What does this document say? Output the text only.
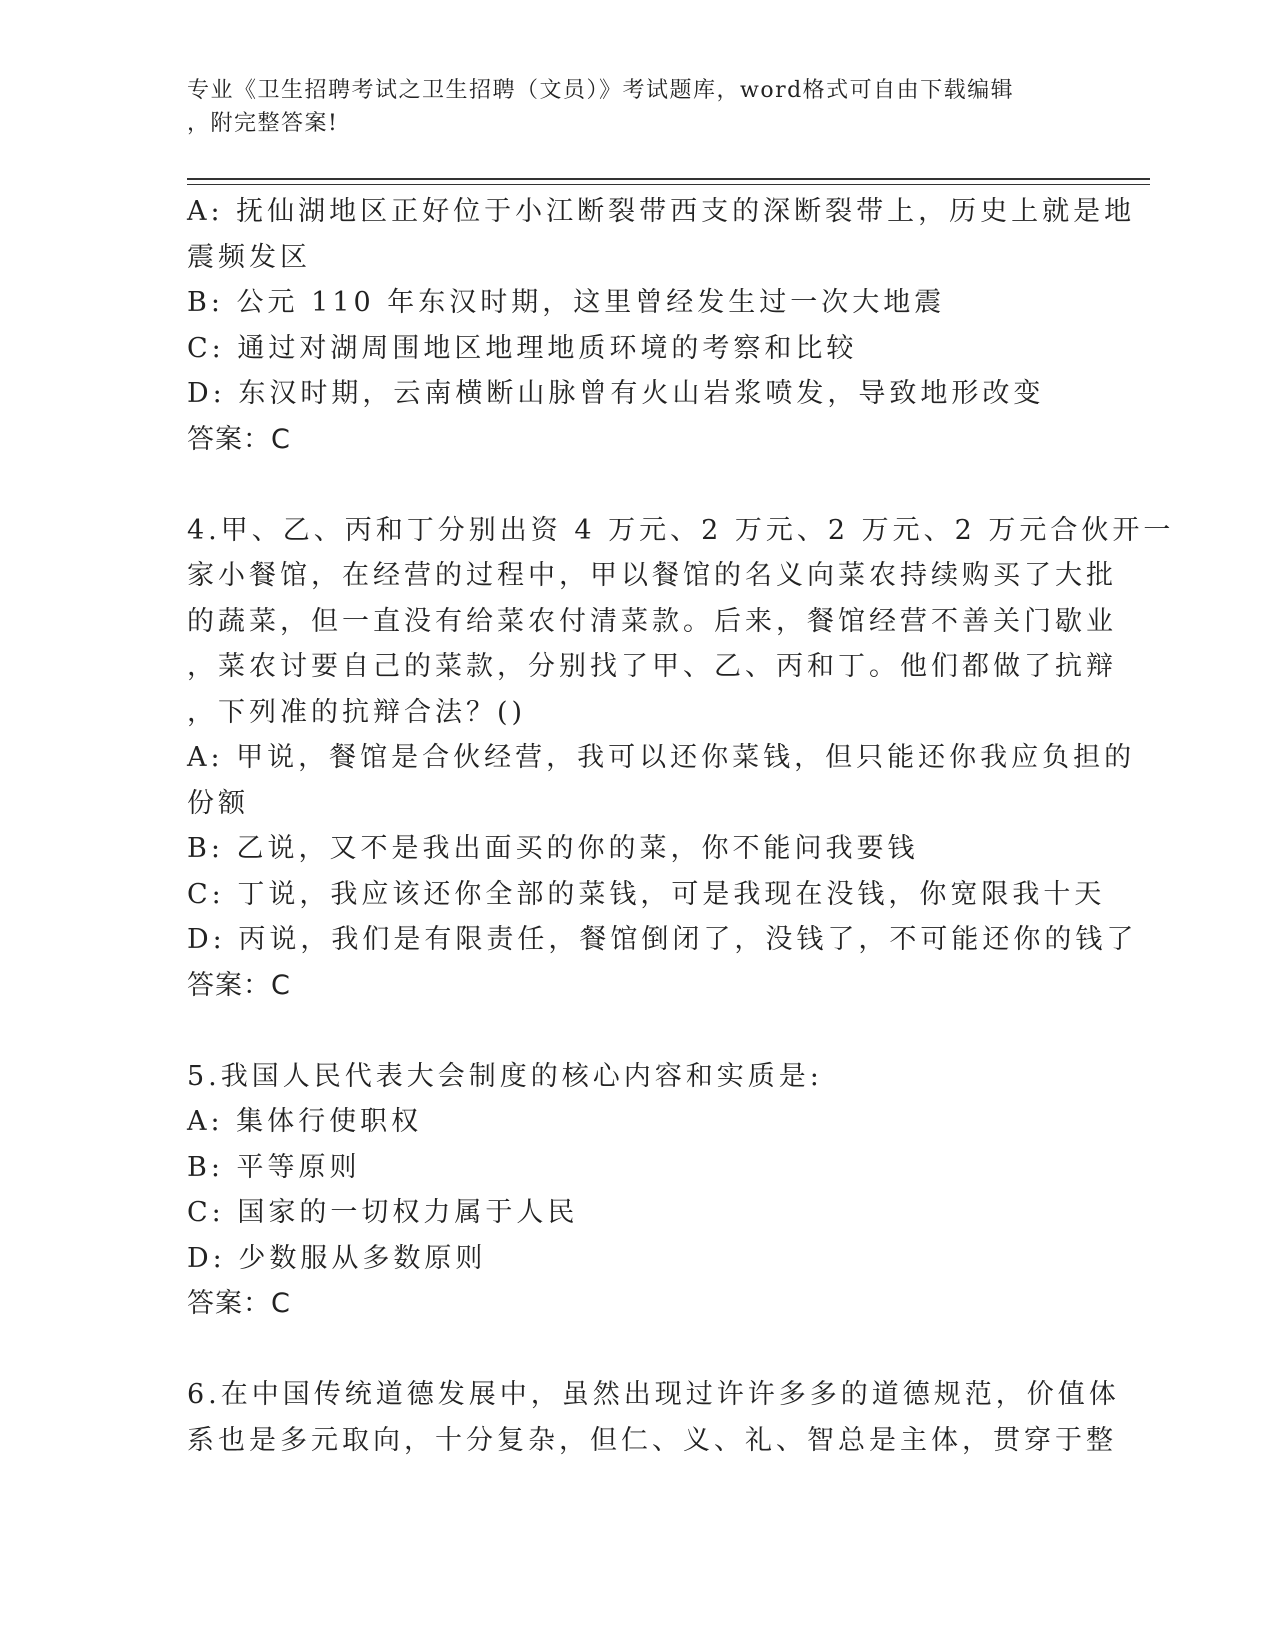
专业《卫生招聘考试之卫生招聘（文员）》考试题库，word格式可自由下载编辑
，附完整答案!
A: 抚仙湖地区正好位于小江断裂带西支的深断裂带上，历史上就是地
震频发区
B: 公元 110 年东汉时期，这里曾经发生过一次大地震
C: 通过对湖周围地区地理地质环境的考察和比较
D: 东汉时期，云南横断山脉曾有火山岩浆喷发，导致地形改变
答案：C
4.甲、乙、丙和丁分别出资 4 万元、2 万元、2 万元、2 万元合伙开一
家小餐馆，在经营的过程中，甲以餐馆的名义向菜农持续购买了大批
的蔬菜，但一直没有给菜农付清菜款。后来，餐馆经营不善关门歇业
，菜农讨要自己的菜款，分别找了甲、乙、丙和丁。他们都做了抗辩
，下列准的抗辩合法？()
A: 甲说，餐馆是合伙经营，我可以还你菜钱，但只能还你我应负担的
份额
B: 乙说，又不是我出面买的你的菜，你不能问我要钱
C: 丁说，我应该还你全部的菜钱，可是我现在没钱，你宽限我十天
D: 丙说，我们是有限责任，餐馆倒闭了，没钱了，不可能还你的钱了
答案：C
5.我国人民代表大会制度的核心内容和实质是:
A: 集体行使职权
B: 平等原则
C: 国家的一切权力属于人民
D: 少数服从多数原则
答案：C
6.在中国传统道德发展中，虽然出现过许许多多的道德规范，价值体
系也是多元取向，十分复杂，但仁、义、礼、智总是主体，贯穿于整
